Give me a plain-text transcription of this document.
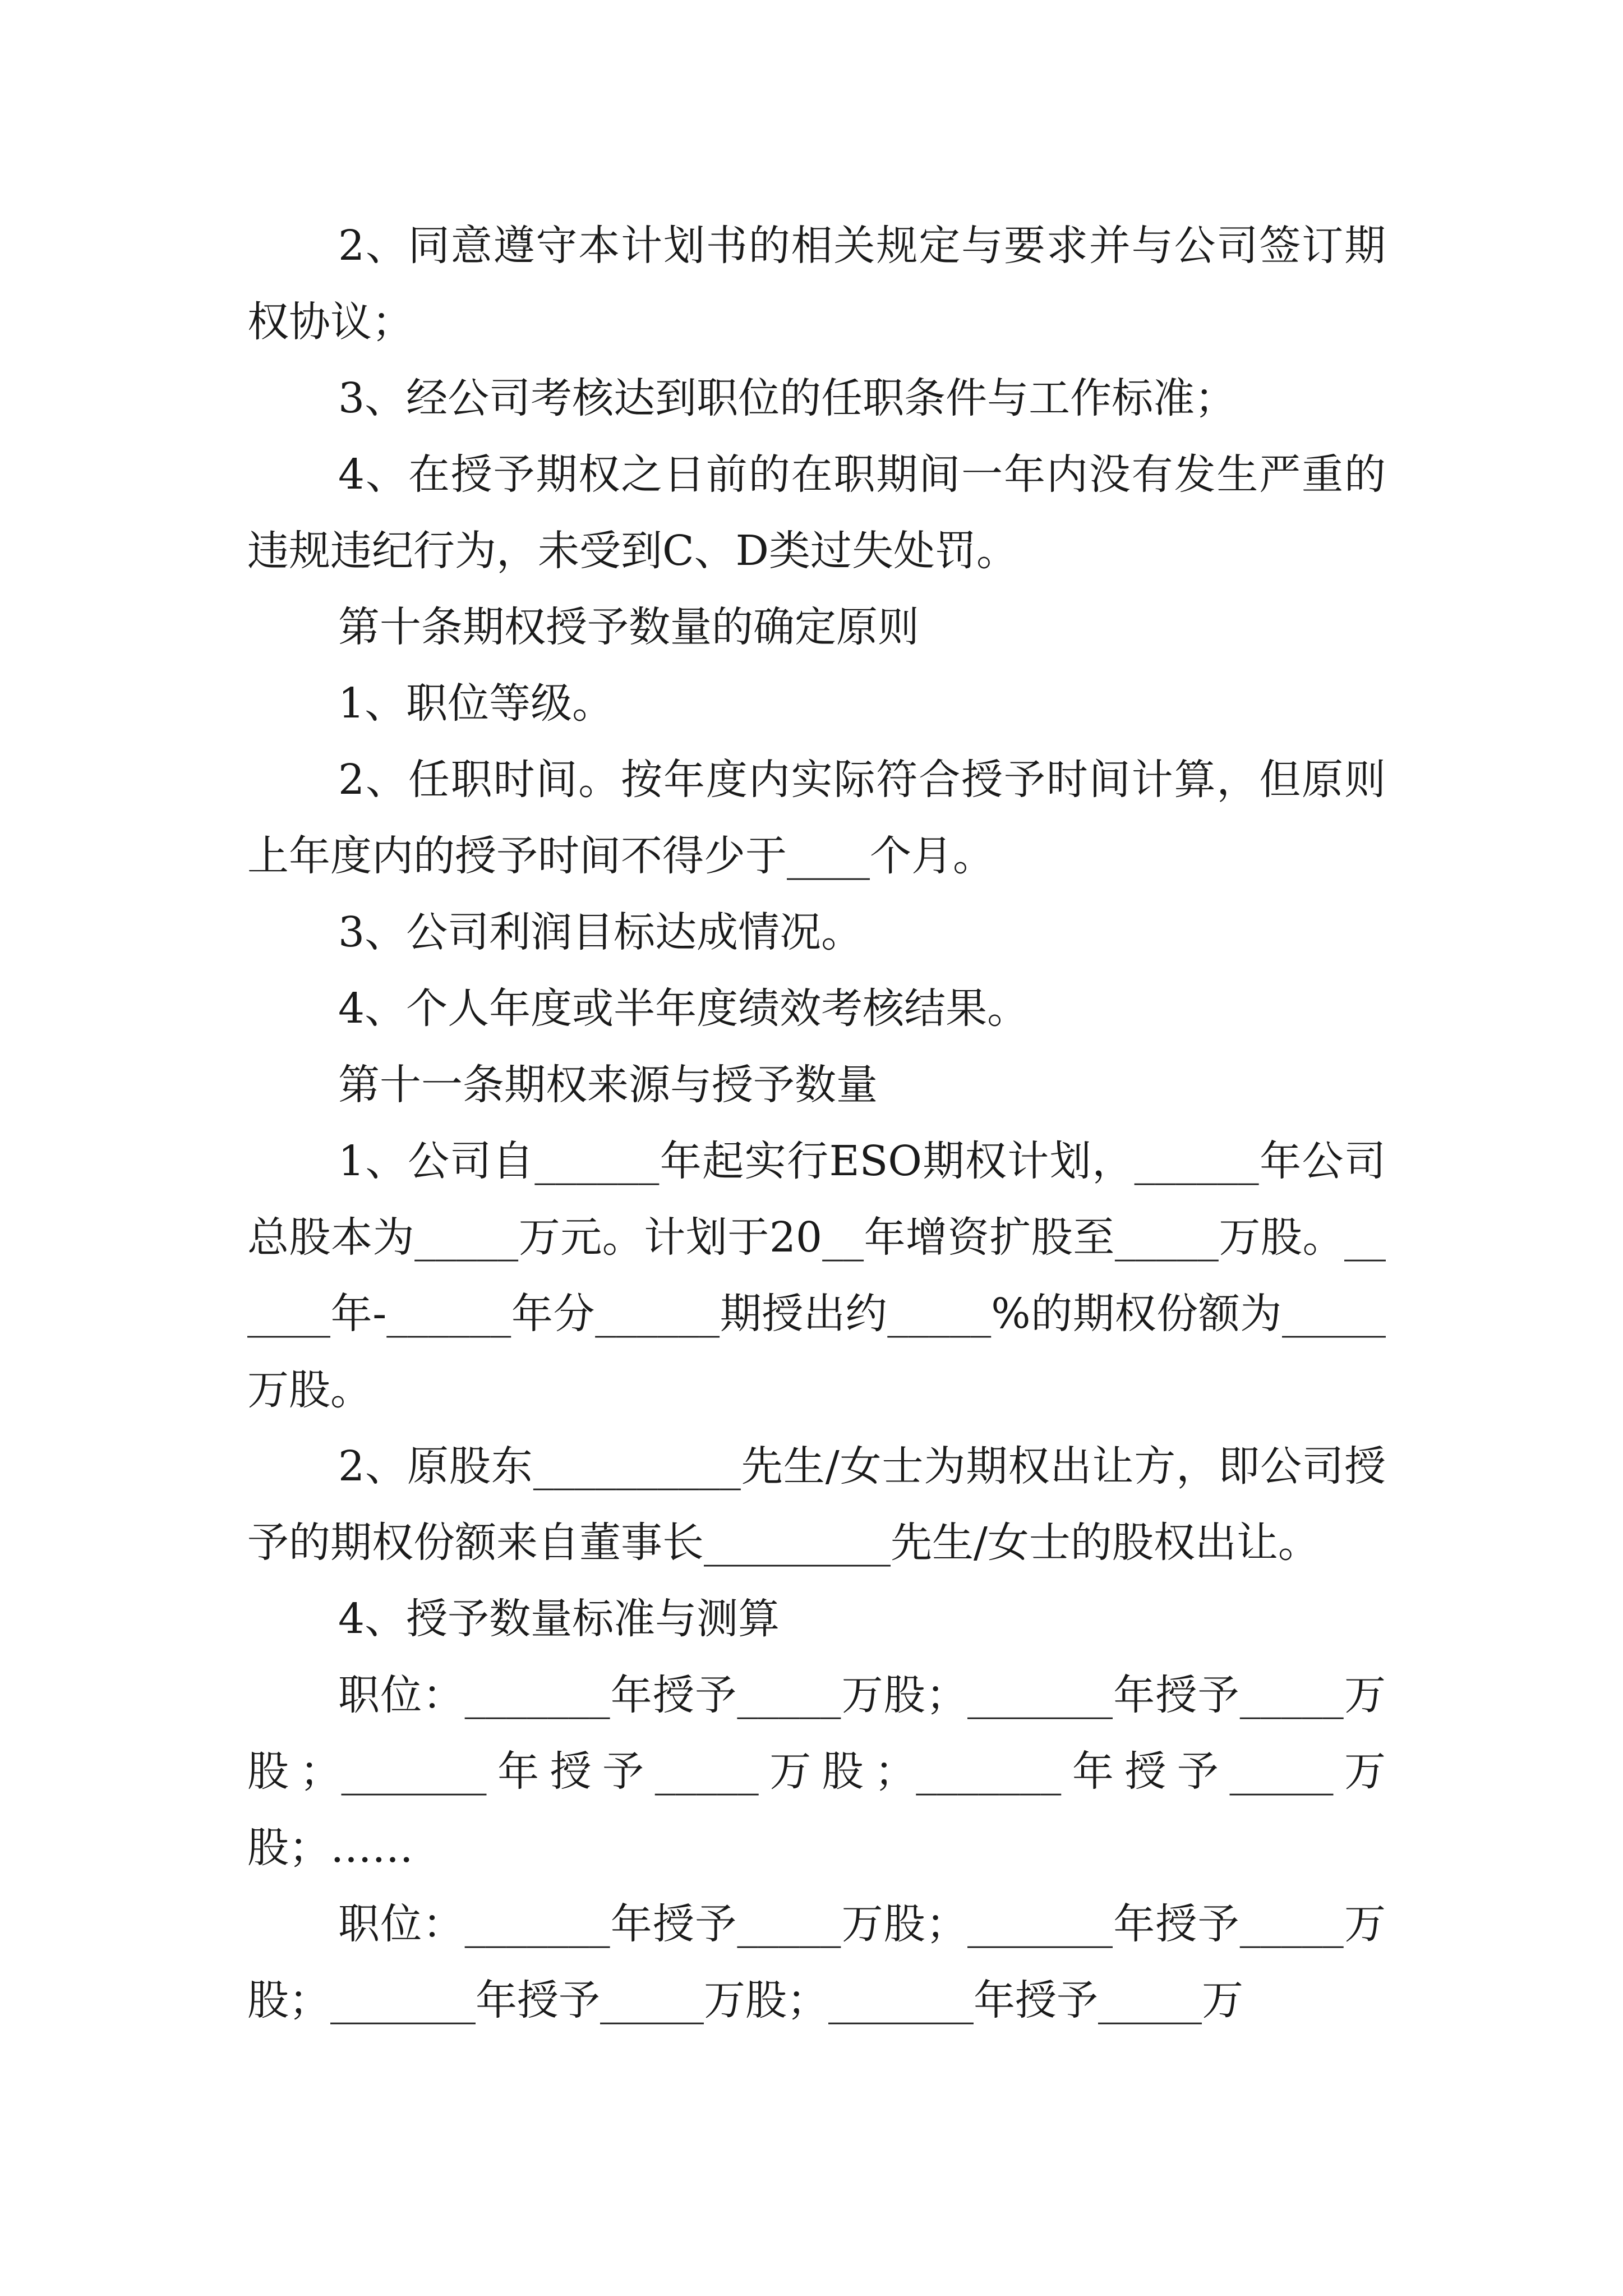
2、同意遵守本计划书的相关规定与要求并与公司签订期权协议；

3、经公司考核达到职位的任职条件与工作标准；

4、在授予期权之日前的在职期间一年内没有发生严重的违规违纪行为，未受到C、D类过失处罚。

第十条期权授予数量的确定原则

1、职位等级。

2、任职时间。按年度内实际符合授予时间计算，但原则上年度内的授予时间不得少于____个月。

3、公司利润目标达成情况。

4、个人年度或半年度绩效考核结果。

第十一条期权来源与授予数量

1、公司自______年起实行ESO期权计划，______年公司总股本为_____万元。计划于20__年增资扩股至_____万股。______年-______年分______期授出约_____%的期权份额为_____万股。

2、原股东__________先生/女士为期权出让方，即公司授予的期权份额来自董事长_________先生/女士的股权出让。

4、授予数量标准与测算

职位：_______年授予_____万股；_______年授予_____万股；_______年授予_____万股；_______年授予_____万股；……

职位：_______年授予_____万股；_______年授予_____万股；_______年授予_____万股；_______年授予_____万
